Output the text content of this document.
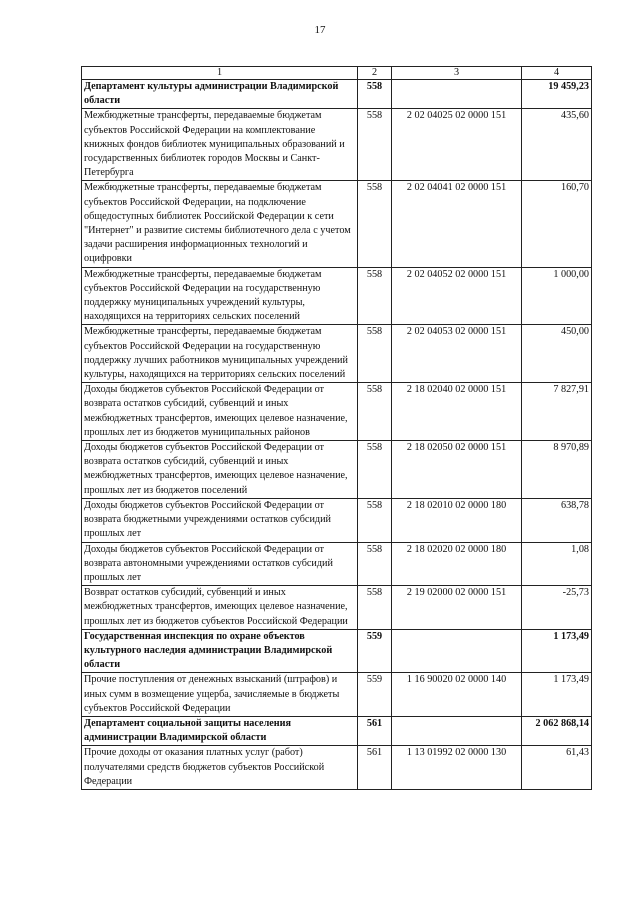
17
1	2	3	4
Департамент культуры администрации Владимирской области	558		19 459,23
Межбюджетные трансферты, передаваемые бюджетам субъектов Российской Федерации на комплектование книжных фондов библиотек муниципальных образований и государственных библиотек городов Москвы и Санкт-Петербурга	558	2 02 04025 02 0000 151	435,60
Межбюджетные трансферты, передаваемые бюджетам субъектов Российской Федерации, на подключение общедоступных библиотек Российской Федерации к сети "Интернет" и развитие системы библиотечного дела с учетом задачи расширения информационных технологий и оцифровки	558	2 02 04041 02 0000 151	160,70
Межбюджетные трансферты, передаваемые бюджетам субъектов Российской Федерации на государственную поддержку муниципальных учреждений культуры, находящихся на территориях сельских поселений	558	2 02 04052 02 0000 151	1 000,00
Межбюджетные трансферты, передаваемые бюджетам субъектов Российской Федерации на государственную поддержку лучших работников муниципальных учреждений культуры, находящихся на территориях сельских поселений	558	2 02 04053 02 0000 151	450,00
Доходы бюджетов субъектов Российской Федерации от возврата остатков субсидий, субвенций и иных межбюджетных трансфертов, имеющих целевое назначение, прошлых лет из бюджетов муниципальных районов	558	2 18 02040 02 0000 151	7 827,91
Доходы бюджетов субъектов Российской Федерации от возврата остатков субсидий, субвенций и иных межбюджетных трансфертов, имеющих целевое назначение, прошлых лет из бюджетов поселений	558	2 18 02050 02 0000 151	8 970,89
Доходы бюджетов субъектов Российской Федерации от возврата бюджетными учреждениями остатков субсидий прошлых лет	558	2 18 02010 02 0000 180	638,78
Доходы бюджетов субъектов Российской Федерации от возврата автономными учреждениями остатков субсидий прошлых лет	558	2 18 02020 02 0000 180	1,08
Возврат остатков субсидий, субвенций и иных межбюджетных трансфертов, имеющих целевое назначение, прошлых лет из бюджетов субъектов Российской Федерации	558	2 19 02000 02 0000 151	-25,73
Государственная инспекция по охране объектов культурного наследия администрации Владимирской области	559		1 173,49
Прочие поступления от денежных взысканий (штрафов) и иных сумм в возмещение ущерба, зачисляемые в бюджеты субъектов Российской Федерации	559	1 16 90020 02 0000 140	1 173,49
Департамент социальной защиты населения администрации Владимирской области	561		2 062 868,14
Прочие доходы от оказания платных услуг (работ) получателями средств бюджетов субъектов Российской Федерации	561	1 13 01992 02 0000 130	61,43
